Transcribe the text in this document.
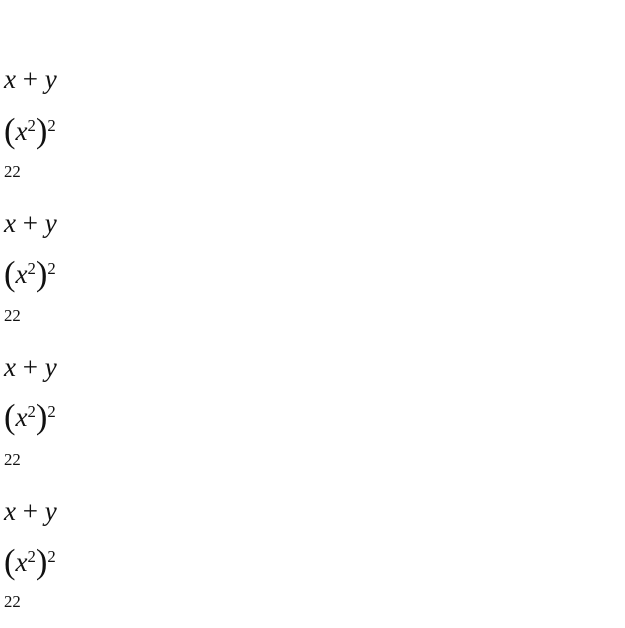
x + y
$(x^2)^2$
$^{22}$
x + y
$(x^2)^2$
$^{22}$
x + y
$(x^2)^2$
$^{22}$
x + y
$(x^2)^2$
$^{22}$
